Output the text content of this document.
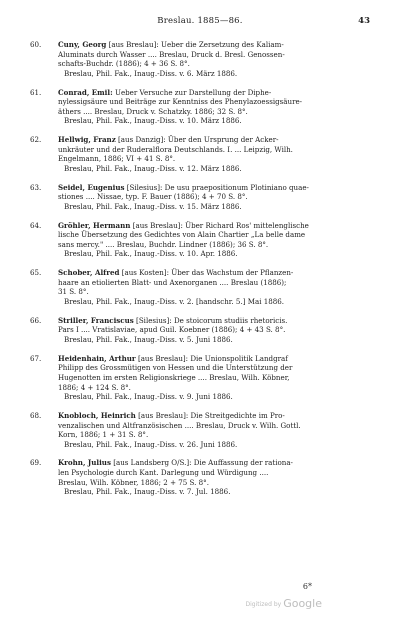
Breslau. 1885—86.	43
60. Cuny, Georg [aus Breslau]: Ueber die Zersetzung des Kaliam-
Aluminats durch Wasser .... Breslau, Druck d. Bresl. Genossen-
schafts-Buchdr. (1886); 4 + 36 S. 8°.
Breslau, Phil. Fak., Inaug.-Diss. v. 6. März 1886.
61. Conrad, Emil: Ueber Versuche zur Darstellung der Diphe-
nylessigsäure und Beiträge zur Kenntniss des Phenylazoessigsäure-
äthers .... Breslau, Druck v. Schatzky. 1886; 32 S. 8°.
Breslau, Phil. Fak., Inaug.-Diss. v. 10. März 1886.
62. Hellwig, Franz [aus Danzig]: Über den Ursprung der Acker-
unkräuter und der Ruderalflora Deutschlands. I. ... Leipzig, Wilh.
Engelmann, 1886; VI + 41 S. 8°.
Breslau, Phil. Fak., Inaug.-Diss. v. 12. März 1886.
63. Seidel, Eugenius [Silesius]: De usu praepositionum Plotiniano quae-
stiones .... Nissae, typ. F. Bauer (1886); 4 + 70 S. 8°.
Breslau, Phil. Fak., Inaug.-Diss. v. 15. März 1886.
64. Gröhler, Hermann [aus Breslau]: Über Richard Ros' mittelenglische
lische Übersetzung des Gedichtes von Alain Chartier „La belle dame
sans mercy." .... Breslau, Buchdr. Lindner (1886); 36 S. 8°.
Breslau, Phil. Fak., Inaug.-Diss. v. 10. Apr. 1886.
65. Schober, Alfred [aus Kosten]: Über das Wachstum der Pflanzen-
haare an etiolierten Blatt- und Axenorganen .... Breslau (1886);
31 S. 8°.
Breslau, Phil. Fak., Inaug.-Diss. v. 2. [handschr. 5.] Mai 1886.
66. Striller, Franciscus [Silesius]: De stoicorum studiis rhetoricis.
Pars I .... Vratislaviae, apud Guil. Koebner (1886); 4 + 43 S. 8°.
Breslau, Phil. Fak., Inaug.-Diss. v. 5. Juni 1886.
67. Heidenhain, Arthur [aus Breslau]: Die Unionspolitik Landgraf
Philipp des Grossmütigen von Hessen und die Unterstützung der
Hugenotten im ersten Religionskriege .... Breslau, Wilh. Köbner,
1886; 4 + 124 S. 8°.
Breslau, Phil. Fak., Inaug.-Diss. v. 9. Juni 1886.
68. Knobloch, Heinrich [aus Breslau]: Die Streitgedichte im Pro-
venzalischen und Altfranzösischen .... Breslau, Druck v. Wilh. Gottl.
Korn, 1886; 1 + 31 S. 8°.
Breslau, Phil. Fak., Inaug.-Diss. v. 26. Juni 1886.
69. Krohn, Julius [aus Landsberg O/S.]: Die Auffassung der rationa-
len Psychologie durch Kant. Darlegung und Würdigung ....
Breslau, Wilh. Köbner, 1886; 2 + 75 S. 8°.
Breslau, Phil. Fak., Inaug.-Diss. v. 7. Jul. 1886.
6*
Digitized by Google
